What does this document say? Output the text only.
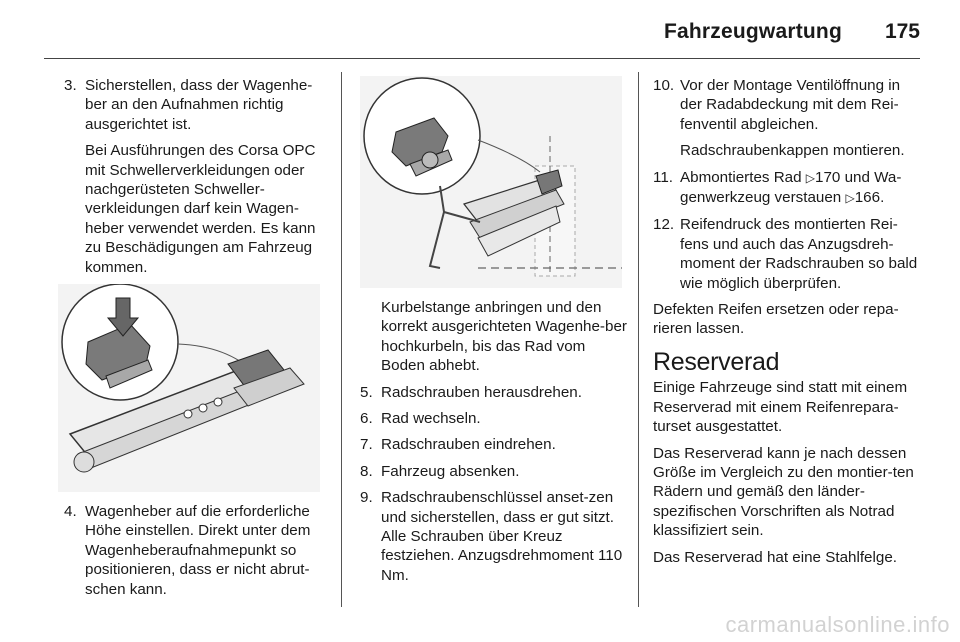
Fahrzeugwartung 175
3. Sicherstellen, dass der Wagenhe-ber an den Aufnahmen richtig ausgerichtet ist.
Bei Ausführungen des Corsa OPC mit Schwellerverkleidungen oder nachgerüsteten Schweller-verkleidungen darf kein Wagen-heber verwendet werden. Es kann zu Beschädigungen am Fahrzeug kommen.
4. Wagenheber auf die erforderliche Höhe einstellen. Direkt unter dem Wagenheberaufnahmepunkt so positionieren, dass er nicht abrut-schen kann.
Kurbelstange anbringen und den korrekt ausgerichteten Wagenhe-ber hochkurbeln, bis das Rad vom Boden abhebt.
5. Radschrauben herausdrehen.
6. Rad wechseln.
7. Radschrauben eindrehen.
8. Fahrzeug absenken.
9. Radschraubenschlüssel anset-zen und sicherstellen, dass er gut sitzt. Alle Schrauben über Kreuz festziehen. Anzugsdrehmoment 110 Nm.
10. Vor der Montage Ventilöffnung in der Radabdeckung mit dem Rei-fenventil abgleichen.
Radschraubenkappen montieren.
11. Abmontiertes Rad ▷170 und Wa-genwerkzeug verstauen ▷166.
12. Reifendruck des montierten Rei-fens und auch das Anzugsdreh-moment der Radschrauben so bald wie möglich überprüfen.
Defekten Reifen ersetzen oder repa-rieren lassen.
Reserverad
Einige Fahrzeuge sind statt mit einem Reserverad mit einem Reifenrepara-turset ausgestattet.
Das Reserverad kann je nach dessen Größe im Vergleich zu den montier-ten Rädern und gemäß den länder-spezifischen Vorschriften als Notrad klassifiziert sein.
Das Reserverad hat eine Stahlfelge.
carmanualsonline.info
